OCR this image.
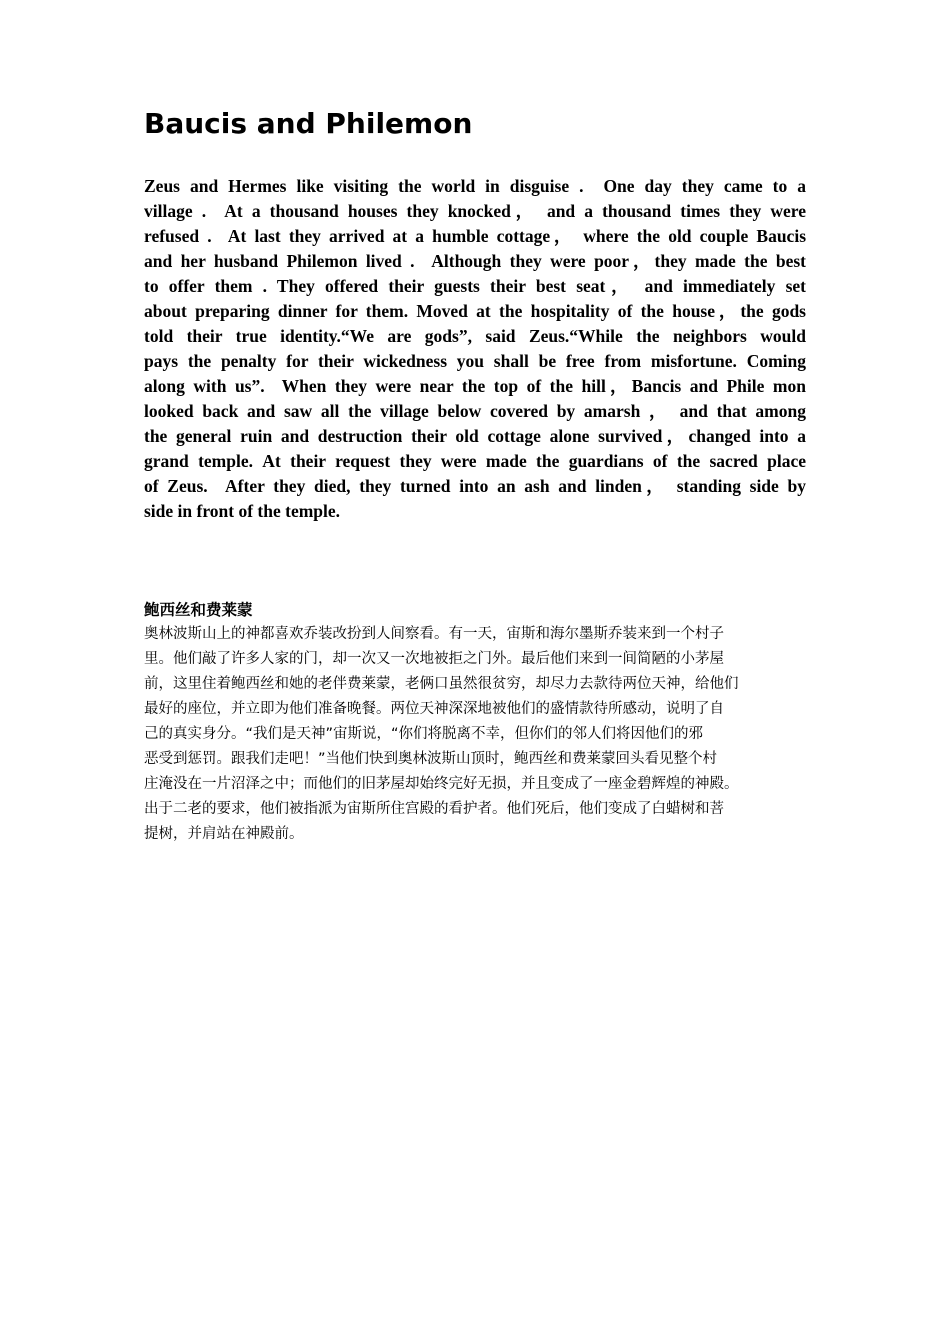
Baucis and Philemon
Zeus and Hermes like visiting the world in disguise .  One day they came to a
village .  At a thousand houses they knocked， and a thousand times they were
refused .  At last they arrived at a humble cottage， where the old couple Baucis
and her husband Philemon lived .  Although they were poor，they made the best
to offer them . They offered their guests their best seat， and immediately set
about preparing dinner for them. Moved at the hospitality of the house，the gods
told their true identity.“We are gods”, said Zeus.“While the neighbors would
pays the penalty for their wickedness you shall be free from misfortune. Coming
along with us”.  When they were near the top of the hill，Bancis and Phile mon
looked back and saw all the village below covered by amarsh ， and that among
the general ruin and destruction their old cottage alone survived，changed into a
grand temple. At their request they were made the guardians of the sacred place
of Zeus.  After they died, they turned into an ash and linden， standing side by
side in front of the temple.
鲍西丝和费莱蒙
奥林波斯山上的神都喜欢乔装改扮到人间察看。有一天，宙斯和海尔墨斯乔装来到一个村子
里。他们敲了许多人家的门，却一次又一次地被拒之门外。最后他们来到一间简陋的小茅屋
前，这里住着鲍西丝和她的老伴费莱蒙，老俩口虽然很贫穷，却尽力去款待两位天神，给他们
最好的座位，并立即为他们准备晚餐。两位天神深深地被他们的盛情款待所感动，说明了自
己的真实身分。“我们是天神”宙斯说，“你们将脱离不幸，但你们的邻人们将因他们的邪
恶受到惩罚。跟我们走吧！”当他们快到奥林波斯山顶时，鲍西丝和费莱蒙回头看见整个村
庄淹没在一片沼泽之中；而他们的旧茅屋却始终完好无损，并且变成了一座金碧辉煌的神殿。
出于二老的要求，他们被指派为宙斯所住宫殿的看护者。他们死后，他们变成了白蜡树和菩
提树，并肩站在神殿前。
